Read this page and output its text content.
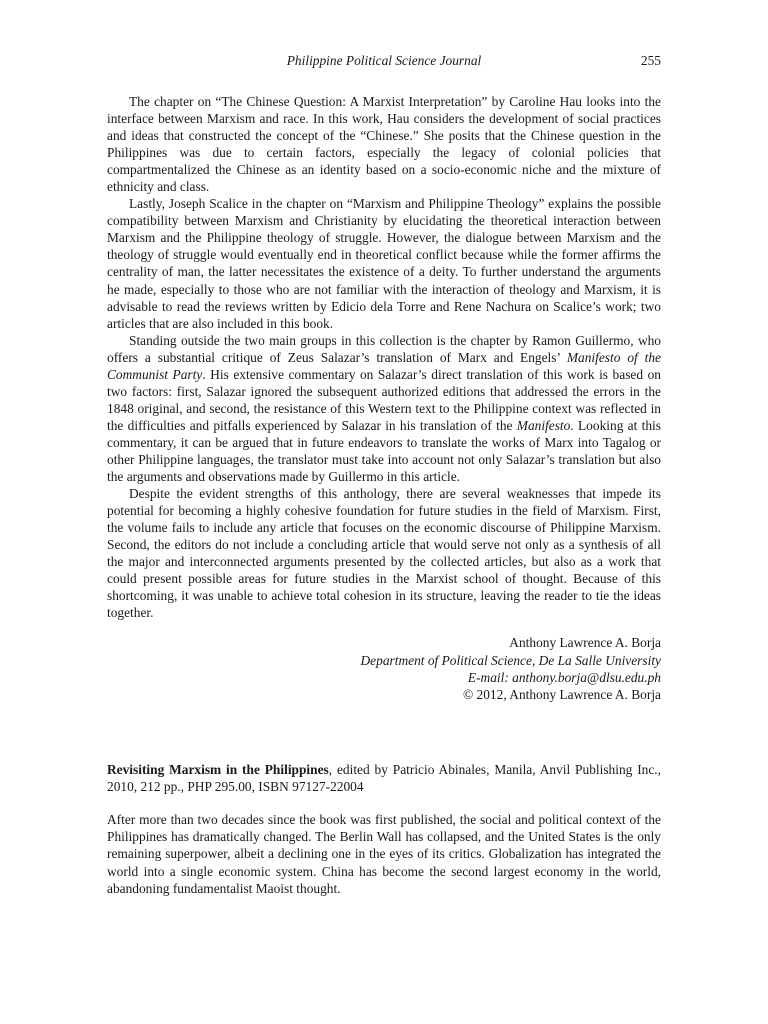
Philippine Political Science Journal	255

The chapter on “The Chinese Question: A Marxist Interpretation” by Caroline Hau looks into the interface between Marxism and race. In this work, Hau considers the development of social practices and ideas that constructed the concept of the “Chinese.” She posits that the Chinese question in the Philippines was due to certain factors, especially the legacy of colonial policies that compartmentalized the Chinese as an identity based on a socio-economic niche and the mixture of ethnicity and class.

Lastly, Joseph Scalice in the chapter on “Marxism and Philippine Theology” explains the possible compatibility between Marxism and Christianity by elucidating the theoretical interaction between Marxism and the Philippine theology of struggle. However, the dialogue between Marxism and the theology of struggle would eventually end in theoretical conflict because while the former affirms the centrality of man, the latter necessitates the existence of a deity. To further understand the arguments he made, especially to those who are not familiar with the interaction of theology and Marxism, it is advisable to read the reviews written by Edicio dela Torre and Rene Nachura on Scalice’s work; two articles that are also included in this book.

Standing outside the two main groups in this collection is the chapter by Ramon Guillermo, who offers a substantial critique of Zeus Salazar’s translation of Marx and Engels’ Manifesto of the Communist Party. His extensive commentary on Salazar’s direct translation of this work is based on two factors: first, Salazar ignored the subsequent authorized editions that addressed the errors in the 1848 original, and second, the resistance of this Western text to the Philippine context was reflected in the difficulties and pitfalls experienced by Salazar in his translation of the Manifesto. Looking at this commentary, it can be argued that in future endeavors to translate the works of Marx into Tagalog or other Philippine languages, the translator must take into account not only Salazar’s translation but also the arguments and observations made by Guillermo in this article.

Despite the evident strengths of this anthology, there are several weaknesses that impede its potential for becoming a highly cohesive foundation for future studies in the field of Marxism. First, the volume fails to include any article that focuses on the economic discourse of Philippine Marxism. Second, the editors do not include a concluding article that would serve not only as a synthesis of all the major and interconnected arguments presented by the collected articles, but also as a work that could present possible areas for future studies in the Marxist school of thought. Because of this shortcoming, it was unable to achieve total cohesion in its structure, leaving the reader to tie the ideas together.

Anthony Lawrence A. Borja
Department of Political Science, De La Salle University
E-mail: anthony.borja@dlsu.edu.ph
© 2012, Anthony Lawrence A. Borja
Revisiting Marxism in the Philippines, edited by Patricio Abinales, Manila, Anvil Publishing Inc., 2010, 212 pp., PHP 295.00, ISBN 97127-22004
After more than two decades since the book was first published, the social and political context of the Philippines has dramatically changed. The Berlin Wall has collapsed, and the United States is the only remaining superpower, albeit a declining one in the eyes of its critics. Globalization has integrated the world into a single economic system. China has become the second largest economy in the world, abandoning fundamentalist Maoist thought.
